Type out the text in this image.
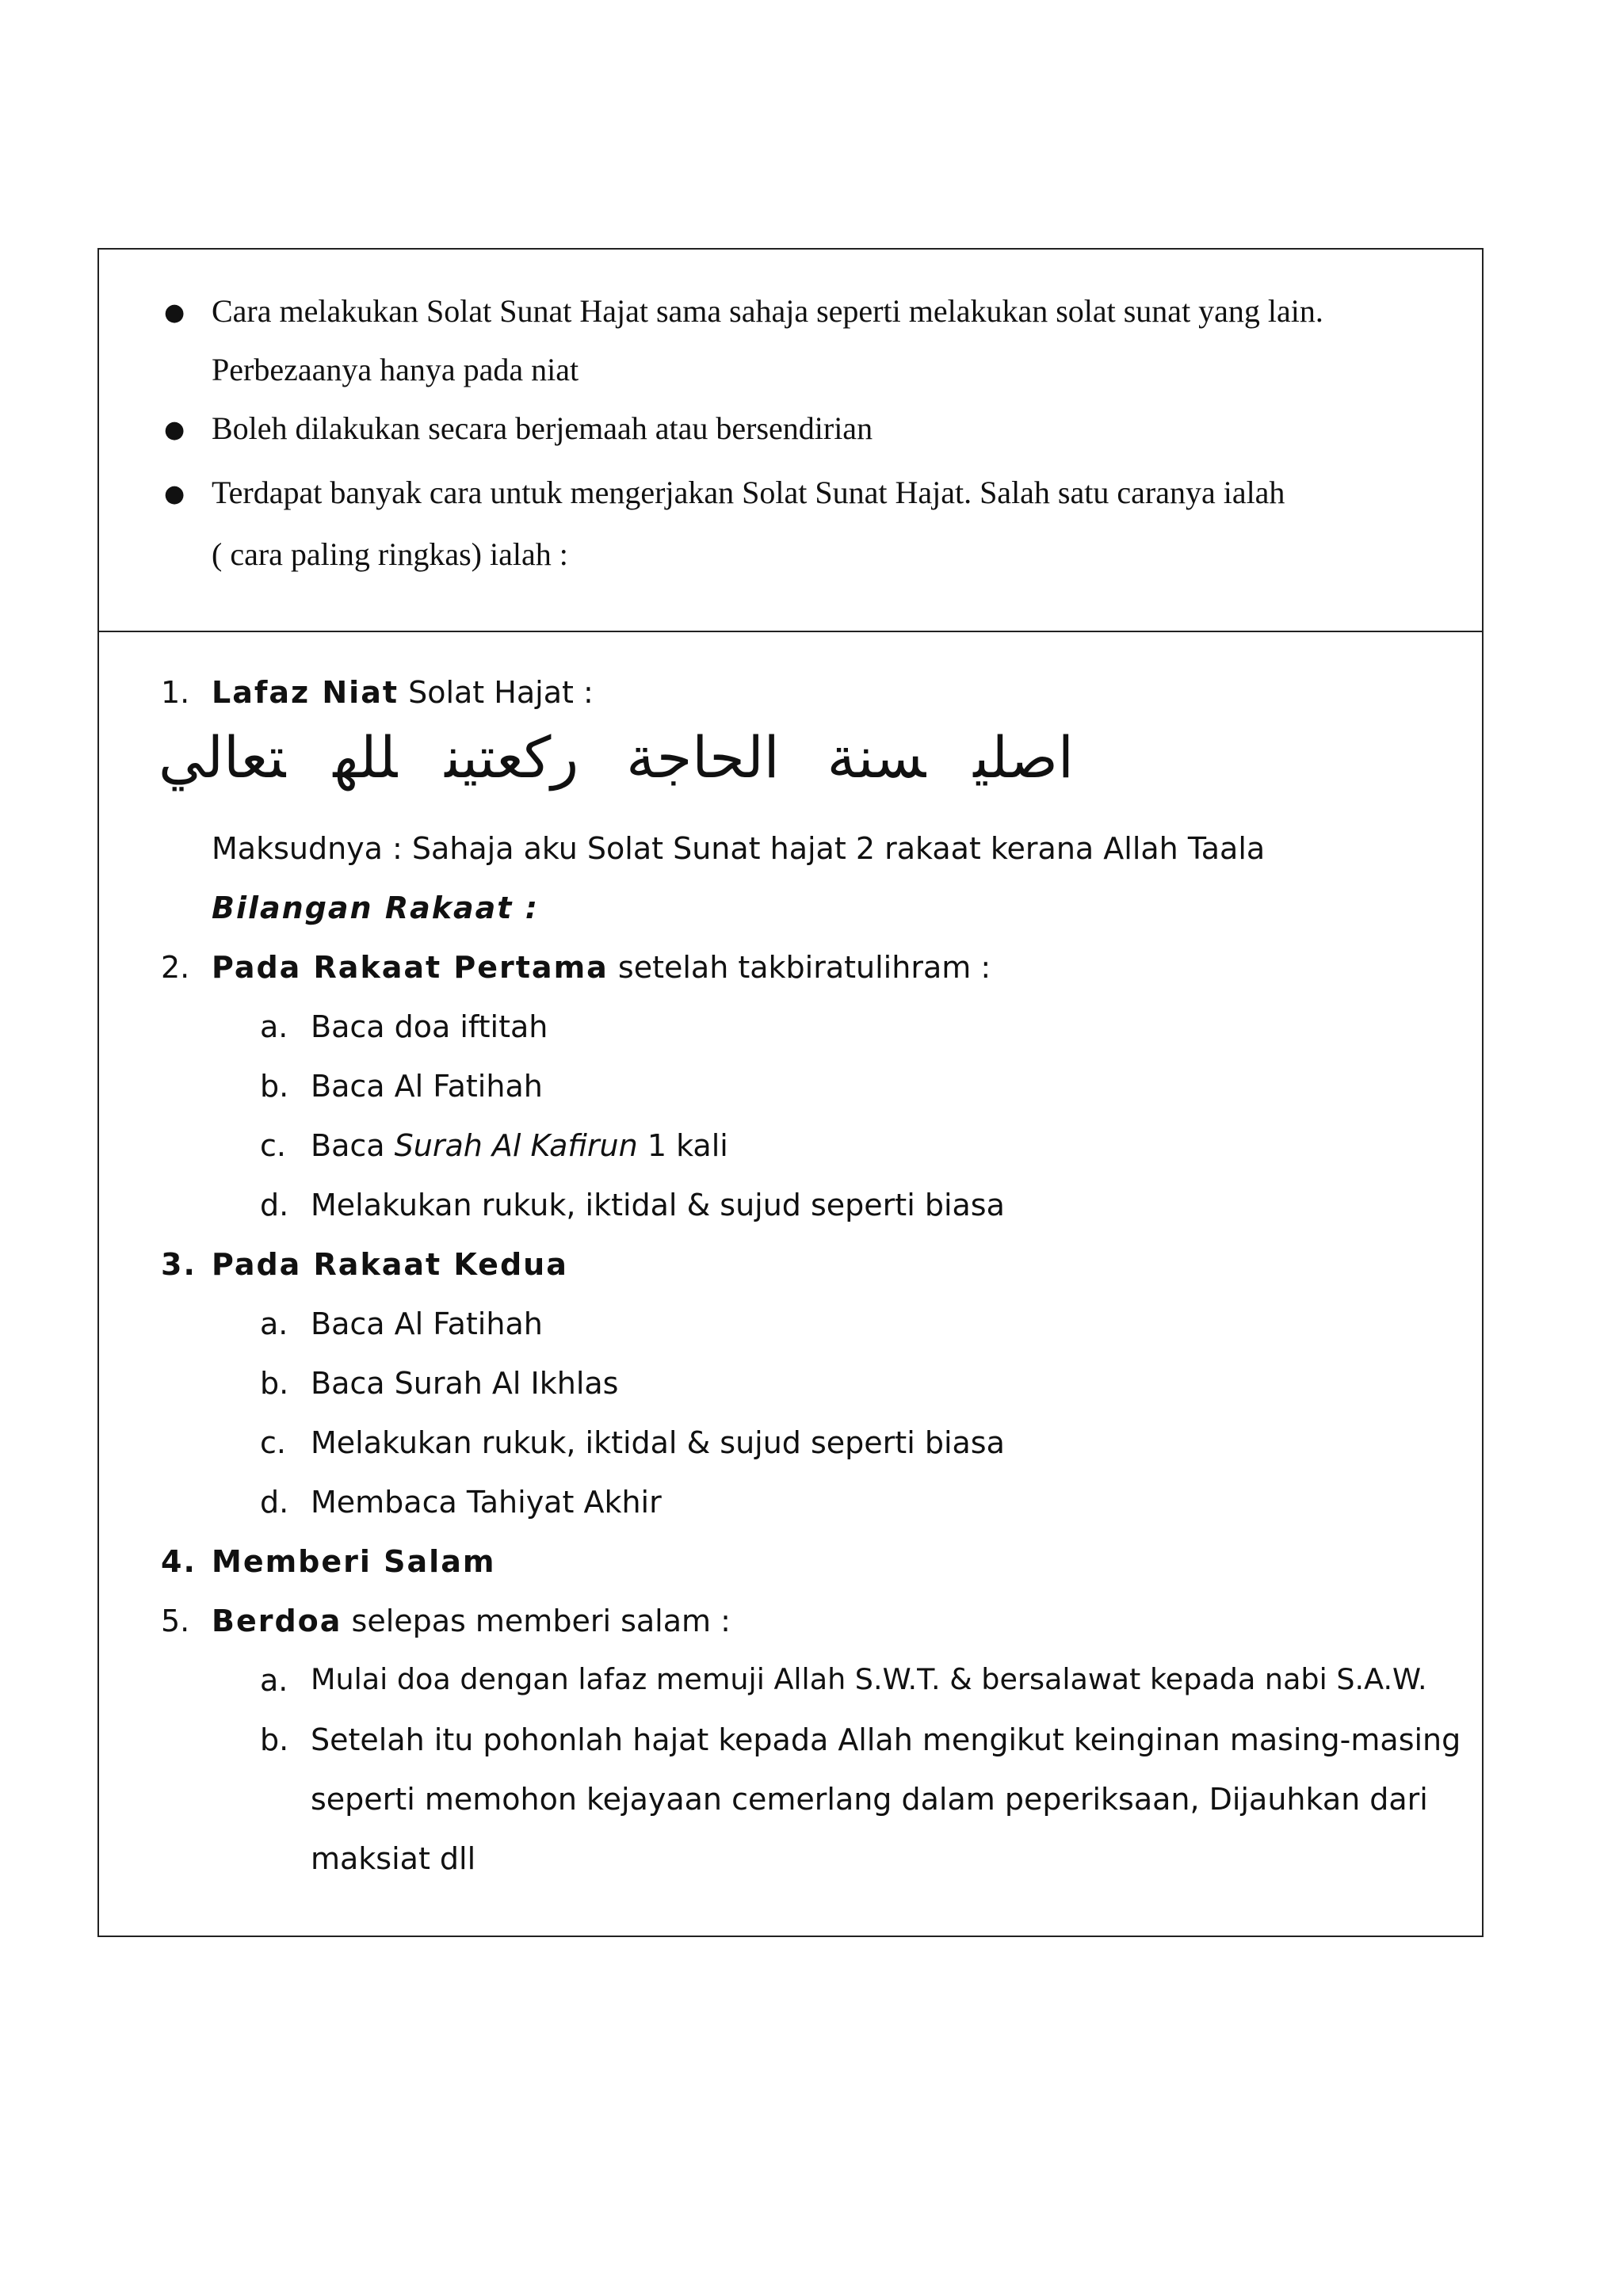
● Cara melakukan Solat Sunat Hajat sama sahaja seperti melakukan solat sunat yang lain.
Perbezaanya hanya pada niat
● Boleh dilakukan secara berjemaah atau bersendirian
● Terdapat banyak cara untuk mengerjakan Solat Sunat Hajat. Salah satu caranya ialah
( cara paling ringkas) ialah :
1. Lafaz Niat Solat Hajat :
اصليسنةالحاجةركعتينللهتعالي
Maksudnya : Sahaja aku Solat Sunat hajat 2 rakaat kerana Allah Taala
Bilangan Rakaat :
2. Pada Rakaat Pertama setelah takbiratulihram :
a. Baca doa iftitah
b. Baca Al Fatihah
c. Baca Surah Al Kafirun 1 kali
d. Melakukan rukuk, iktidal & sujud seperti biasa
3. Pada Rakaat Kedua
a. Baca Al Fatihah
b. Baca Surah Al Ikhlas
c. Melakukan rukuk, iktidal & sujud seperti biasa
d. Membaca Tahiyat Akhir
4. Memberi Salam
5. Berdoa selepas memberi salam :
a. Mulai doa dengan lafaz memuji Allah S.W.T. & bersalawat kepada nabi S.A.W.
b. Setelah itu pohonlah hajat kepada Allah mengikut keinginan masing-masing
seperti memohon kejayaan cemerlang dalam peperiksaan, Dijauhkan dari
maksiat dll
